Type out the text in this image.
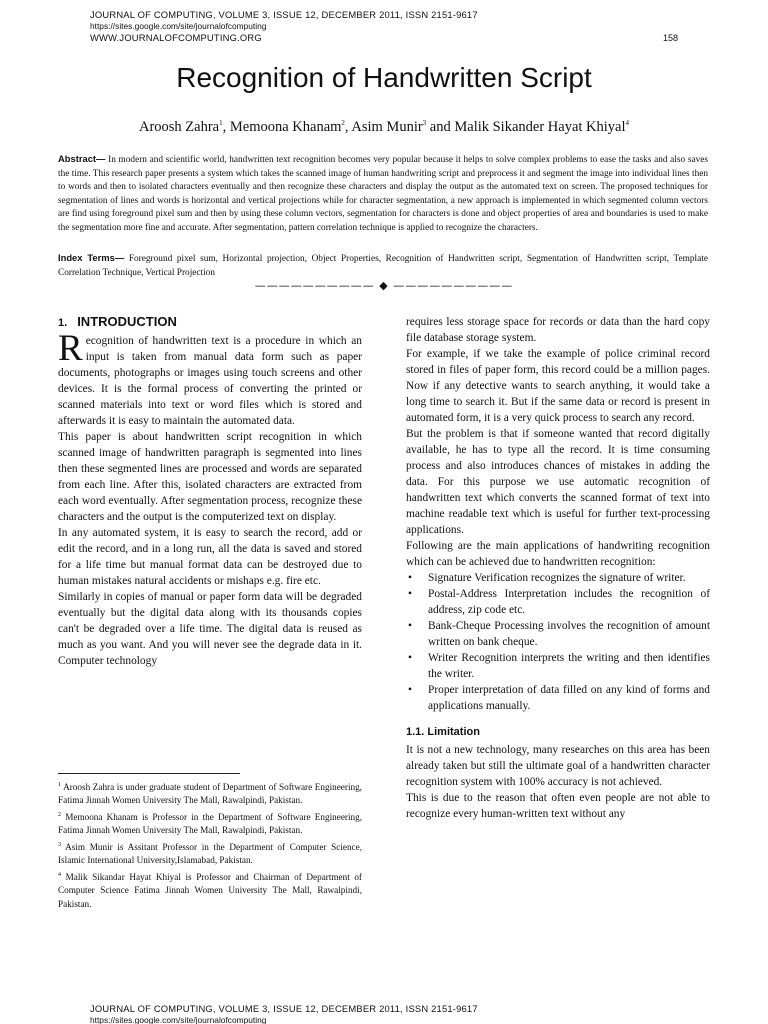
JOURNAL OF COMPUTING, VOLUME 3, ISSUE 12, DECEMBER 2011, ISSN 2151-9617
https://sites.google.com/site/journalofcomputing
WWW.JOURNALOFCOMPUTING.ORG	158
Recognition of Handwritten Script
Aroosh Zahra$^1$, Memoona Khanam$^2$, Asim Munir$^3$ and Malik Sikander Hayat Khiyal$^4$
Abstract— In modern and scientific world, handwritten text recognition becomes very popular because it helps to solve complex problems to ease the tasks and also saves the time. This research paper presents a system which takes the scanned image of human handwriting script and preprocess it and segment the image into individual lines then to words and then to isolated characters eventually and then recognize these characters and display the output as the automated text on screen. The proposed techniques for segmentation of lines and words is horizontal and vertical projections while for character segmentation, a new approach is implemented in which segmented column vectors are find using foreground pixel sum and then by using these column vectors, segmentation for characters is done and object properties of area and boundaries is used to make the segmentation more fine and accurate. After segmentation, pattern correlation technique is applied to recognize the characters.
Index Terms— Foreground pixel sum, Horizontal projection, Object Properties, Recognition of Handwritten script, Segmentation of Handwritten script, Template Correlation Technique, Vertical Projection
—————————— ◆ ——————————
1. INTRODUCTION

Recognition of handwritten text is a procedure in which an input is taken from manual data form such as paper documents, photographs or images using touch screens and other devices. It is the formal process of converting the printed or scanned materials into text or word files which is stored and afterwards it is easy to maintain the automated data.

This paper is about handwritten script recognition in which scanned image of handwritten paragraph is segmented into lines then these segmented lines are processed and words are separated from each line. After this, isolated characters are extracted from each word eventually. After segmentation process, recognize these characters and the output is the computerized text on display.

In any automated system, it is easy to search the record, add or edit the record, and in a long run, all the data is saved and stored for a life time but manual format data can be destroyed due to human mistakes natural accidents or mishaps e.g. fire etc.

Similarly in copies of manual or paper form data will be degraded eventually but the digital data along with its thousands copies can't be degraded over a life time. The digital data is reused as much as you want. And you will never see the degrade data in it. Computer technology

$^1$ Aroosh Zahra is under graduate student of Department of Software Engineering, Fatima Jinnah Women University The Mall, Rawalpindi, Pakistan.

$^2$ Memoona Khanam is Professor in the Department of Software Engineering, Fatima Jinnah Women University The Mall, Rawalpindi, Pakistan.

$^3$ Asim Munir is Assitant Professor in the Department of Computer Science, Islamic International University,Islamabad, Pakistan.

$^4$ Malik Sikandar Hayat Khiyal is Professor and Chairman of Department of Computer Science Fatima Jinnah Women University The Mall, Rawalpindi, Pakistan.

requires less storage space for records or data than the hard copy file database storage system.

For example, if we take the example of police criminal record stored in files of paper form, this record could be a million pages. Now if any detective wants to search anything, it would take a long time to search it. But if the same data or record is present in automated form, it is a very quick process to search any record.

But the problem is that if someone wanted that record digitally available, he has to type all the record. It is time consuming process and also introduces chances of mistakes in adding the data. For this purpose we use automatic recognition of handwritten text which converts the scanned format of text into machine readable text which is useful for further text-processing applications.

Following are the main applications of handwriting recognition which can be achieved due to handwritten recognition:

• Signature Verification recognizes the signature of writer.
• Postal-Address Interpretation includes the recognition of address, zip code etc.
• Bank-Cheque Processing involves the recognition of amount written on bank cheque.
• Writer Recognition interprets the writing and then identifies the writer.
• Proper interpretation of data filled on any kind of forms and applications manually.
1.1. Limitation

It is not a new technology, many researches on this area has been already taken but still the ultimate goal of a handwritten character recognition system with 100% accuracy is not achieved.

This is due to the reason that often even people are not able to recognize every human-written text without any

JOURNAL OF COMPUTING, VOLUME 3, ISSUE 12, DECEMBER 2011, ISSN 2151-9617
https://sites.google.com/site/journalofcomputing
